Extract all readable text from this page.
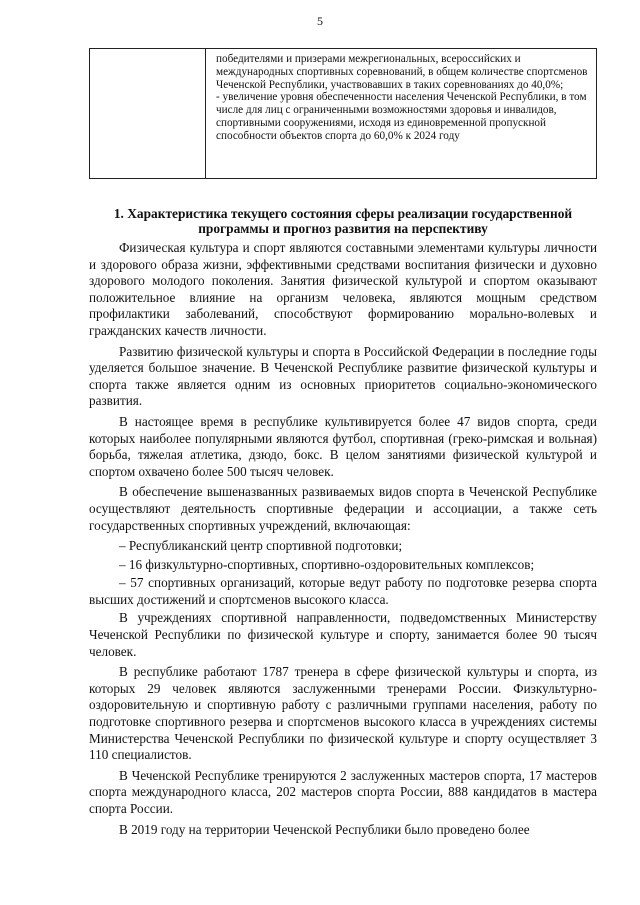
5

победителями и призерами межрегиональных, всероссийских и международных спортивных соревнований, в общем количестве спортсменов Чеченской Республики, участвовавших в таких соревнованиях до 40,0%;

- увеличение уровня обеспеченности населения Чеченской Республики, в том числе для лиц с ограниченными возможностями здоровья и инвалидов, спортивными сооружениями, исходя из единовременной пропускной способности объектов спорта до 60,0% к 2024 году

1. Характеристика текущего состояния сферы реализации государственной программы и прогноз развития на перспективу

Физическая культура и спорт являются составными элементами культуры личности и здорового образа жизни, эффективными средствами воспитания физически и духовно здорового молодого поколения. Занятия физической культурой и спортом оказывают положительное влияние на организм человека, являются мощным средством профилактики заболеваний, способствуют формированию морально-волевых и гражданских качеств личности.

Развитию физической культуры и спорта в Российской Федерации в последние годы уделяется большое значение. В Чеченской Республике развитие физической культуры и спорта также является одним из основных приоритетов социально-экономического развития.

В настоящее время в республике культивируется более 47 видов спорта, среди которых наиболее популярными являются футбол, спортивная (греко-римская и вольная) борьба, тяжелая атлетика, дзюдо, бокс. В целом занятиями физической культурой и спортом охвачено более 500 тысяч человек.

В обеспечение вышеназванных развиваемых видов спорта в Чеченской Республике осуществляют деятельность спортивные федерации и ассоциации, а также сеть государственных спортивных учреждений, включающая:

– Республиканский центр спортивной подготовки;

– 16 физкультурно-спортивных, спортивно-оздоровительных комплексов;

– 57 спортивных организаций, которые ведут работу по подготовке резерва спорта высших достижений и спортсменов высокого класса.

В учреждениях спортивной направленности, подведомственных Министерству Чеченской Республики по физической культуре и спорту, занимается более 90 тысяч человек.

В республике работают 1787 тренера в сфере физической культуры и спорта, из которых 29 человек являются заслуженными тренерами России. Физкультурно-оздоровительную и спортивную работу с различными группами населения, работу по подготовке спортивного резерва и спортсменов высокого класса в учреждениях системы Министерства Чеченской Республики по физической культуре и спорту осуществляет 3 110 специалистов.

В Чеченской Республике тренируются 2 заслуженных мастеров спорта, 17 мастеров спорта международного класса, 202 мастеров спорта России, 888 кандидатов в мастера спорта России.

В 2019 году на территории Чеченской Республики было проведено более
